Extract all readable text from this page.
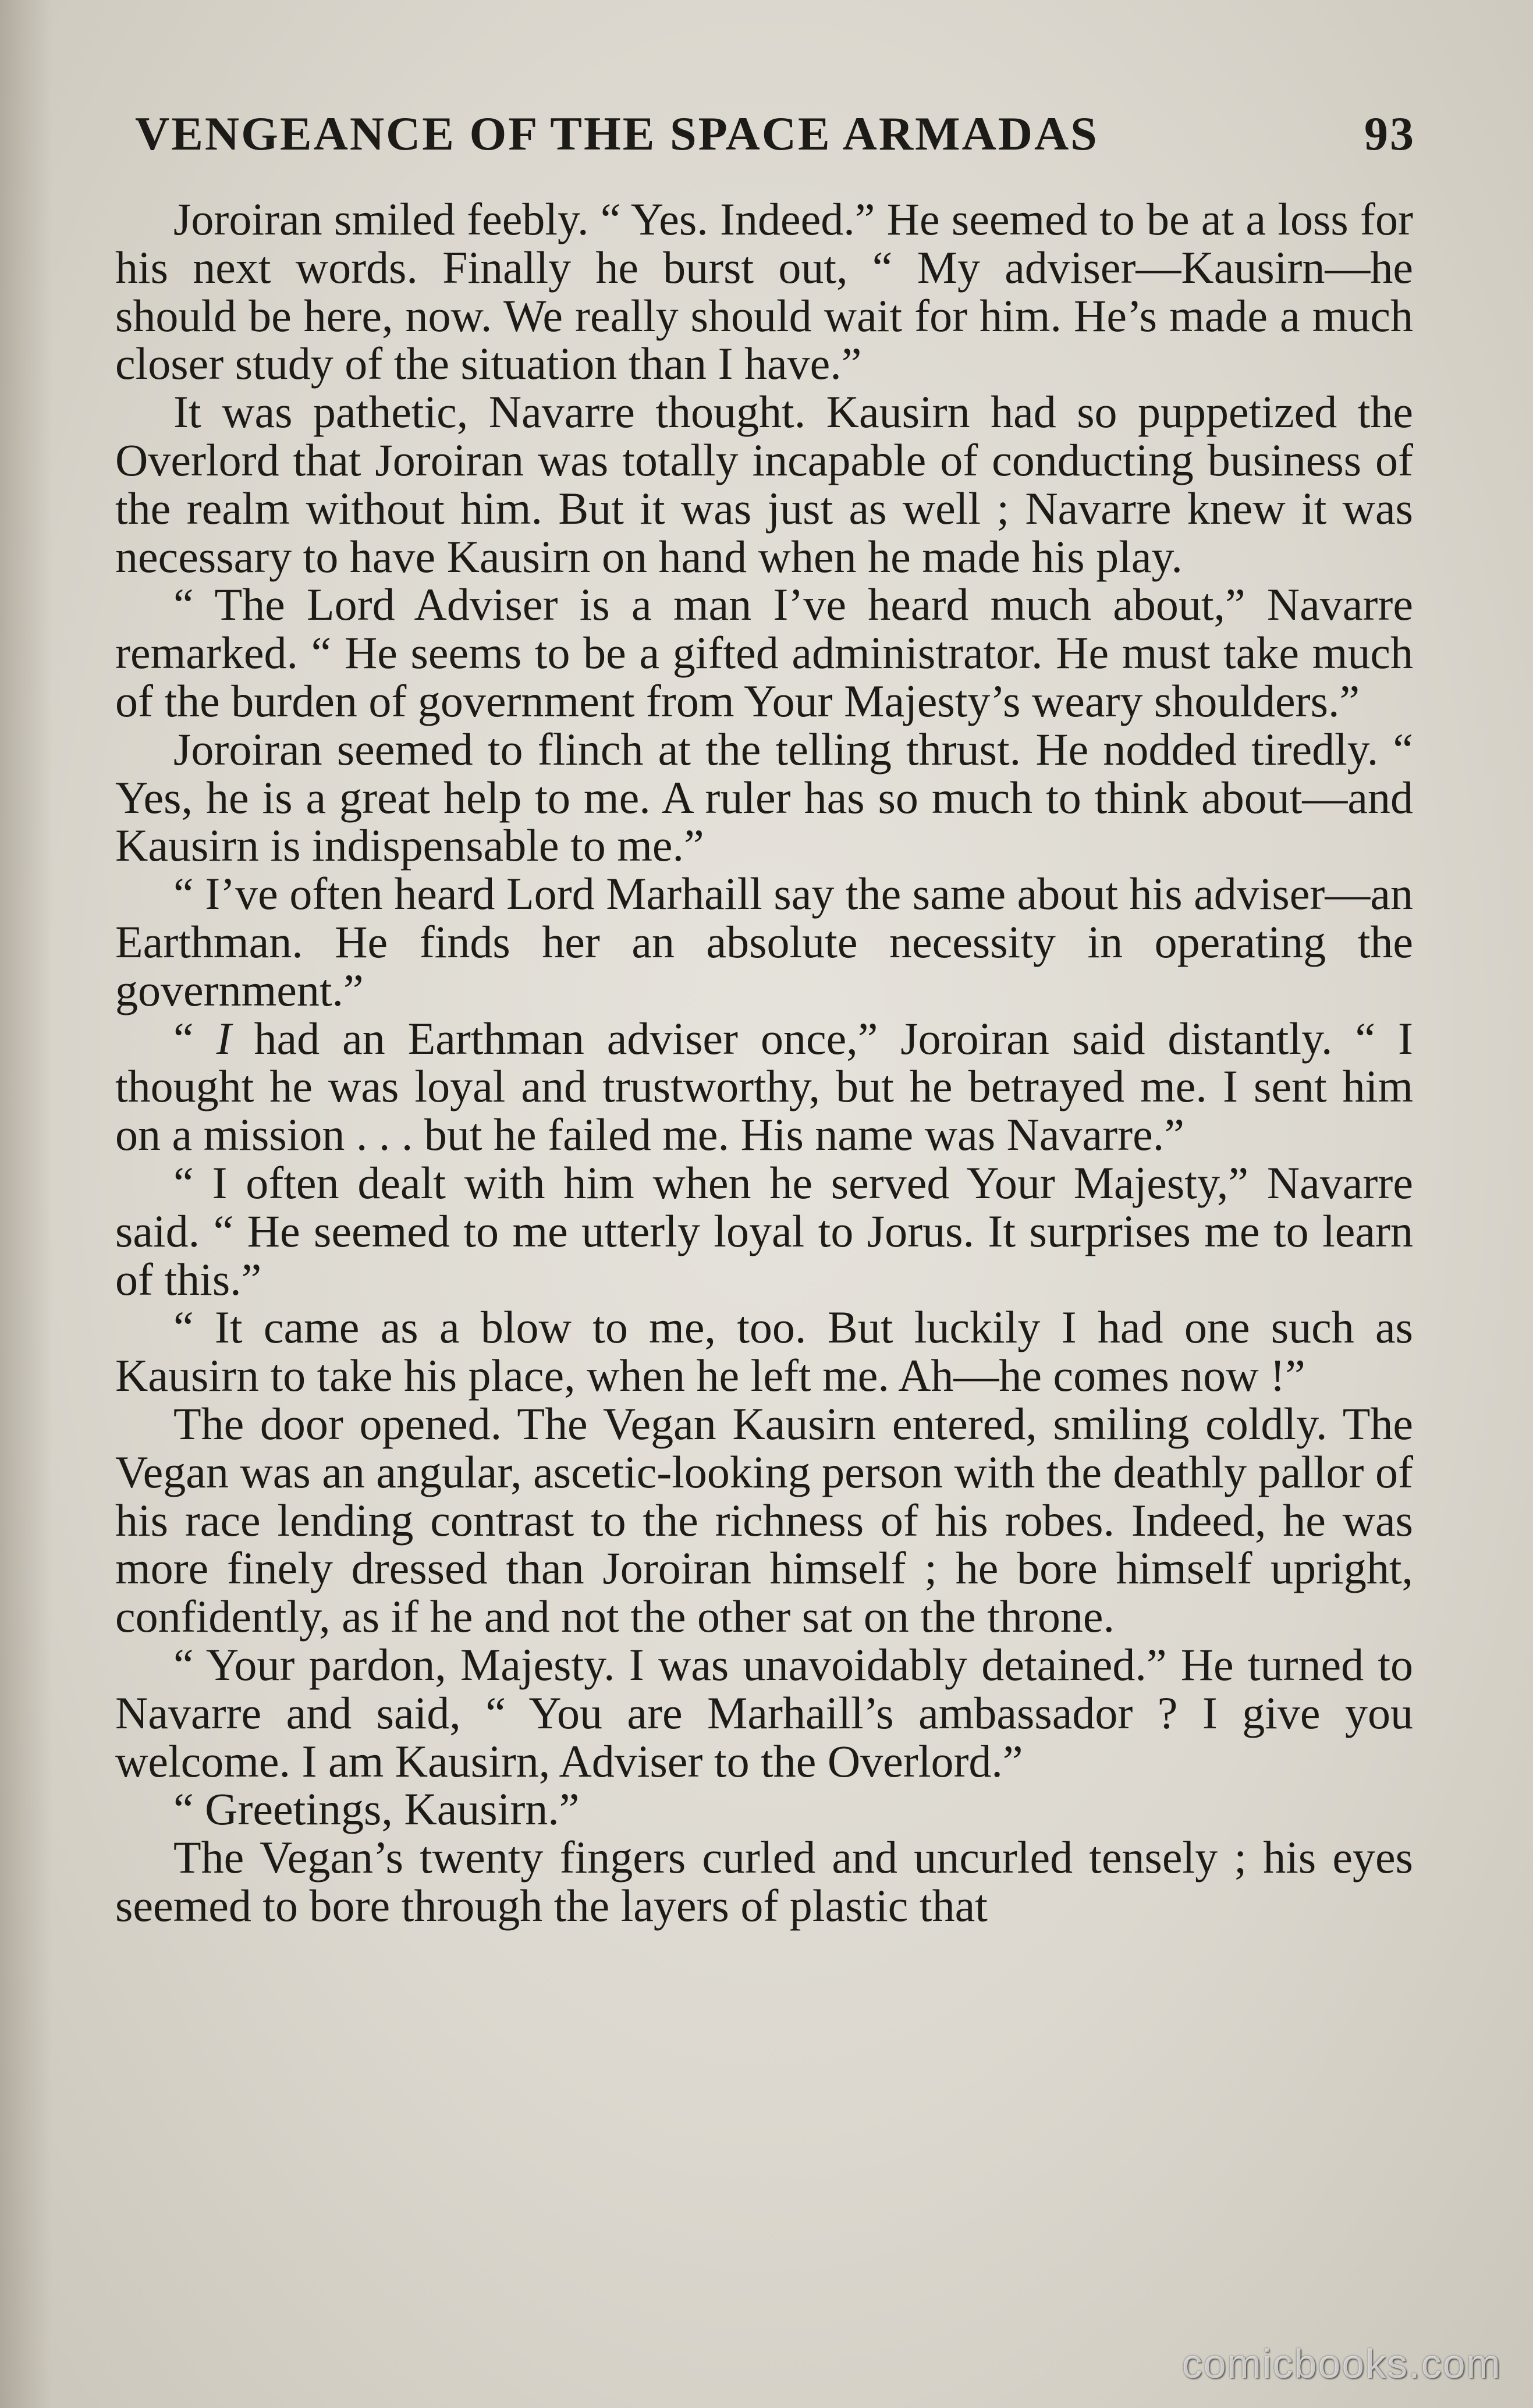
VENGEANCE OF THE SPACE ARMADAS	93

Joroiran smiled feebly. “ Yes. Indeed.” He seemed to be at a loss for his next words. Finally he burst out, “ My adviser—Kausirn—he should be here, now. We really should wait for him. He’s made a much closer study of the situation than I have.”

It was pathetic, Navarre thought. Kausirn had so puppetized the Overlord that Joroiran was totally incapable of conducting business of the realm without him. But it was just as well ; Navarre knew it was necessary to have Kausirn on hand when he made his play.

“ The Lord Adviser is a man I’ve heard much about,” Navarre remarked. “ He seems to be a gifted administrator. He must take much of the burden of government from Your Majesty’s weary shoulders.”

Joroiran seemed to flinch at the telling thrust. He nodded tiredly. “ Yes, he is a great help to me. A ruler has so much to think about—and Kausirn is indispensable to me.”

“ I’ve often heard Lord Marhaill say the same about his adviser—an Earthman. He finds her an absolute necessity in operating the government.”

“ I had an Earthman adviser once,” Joroiran said distantly. “ I thought he was loyal and trustworthy, but he betrayed me. I sent him on a mission . . . but he failed me. His name was Navarre.”

“ I often dealt with him when he served Your Majesty,” Navarre said. “ He seemed to me utterly loyal to Jorus. It surprises me to learn of this.”

“ It came as a blow to me, too. But luckily I had one such as Kausirn to take his place, when he left me. Ah—he comes now !”

The door opened. The Vegan Kausirn entered, smiling coldly. The Vegan was an angular, ascetic-looking person with the deathly pallor of his race lending contrast to the richness of his robes. Indeed, he was more finely dressed than Joroiran himself ; he bore himself upright, confidently, as if he and not the other sat on the throne.

“ Your pardon, Majesty. I was unavoidably detained.” He turned to Navarre and said, “ You are Marhaill’s ambassador ? I give you welcome. I am Kausirn, Adviser to the Overlord.”

“ Greetings, Kausirn.”

The Vegan’s twenty fingers curled and uncurled tensely ; his eyes seemed to bore through the layers of plastic that

comicbooks.com
